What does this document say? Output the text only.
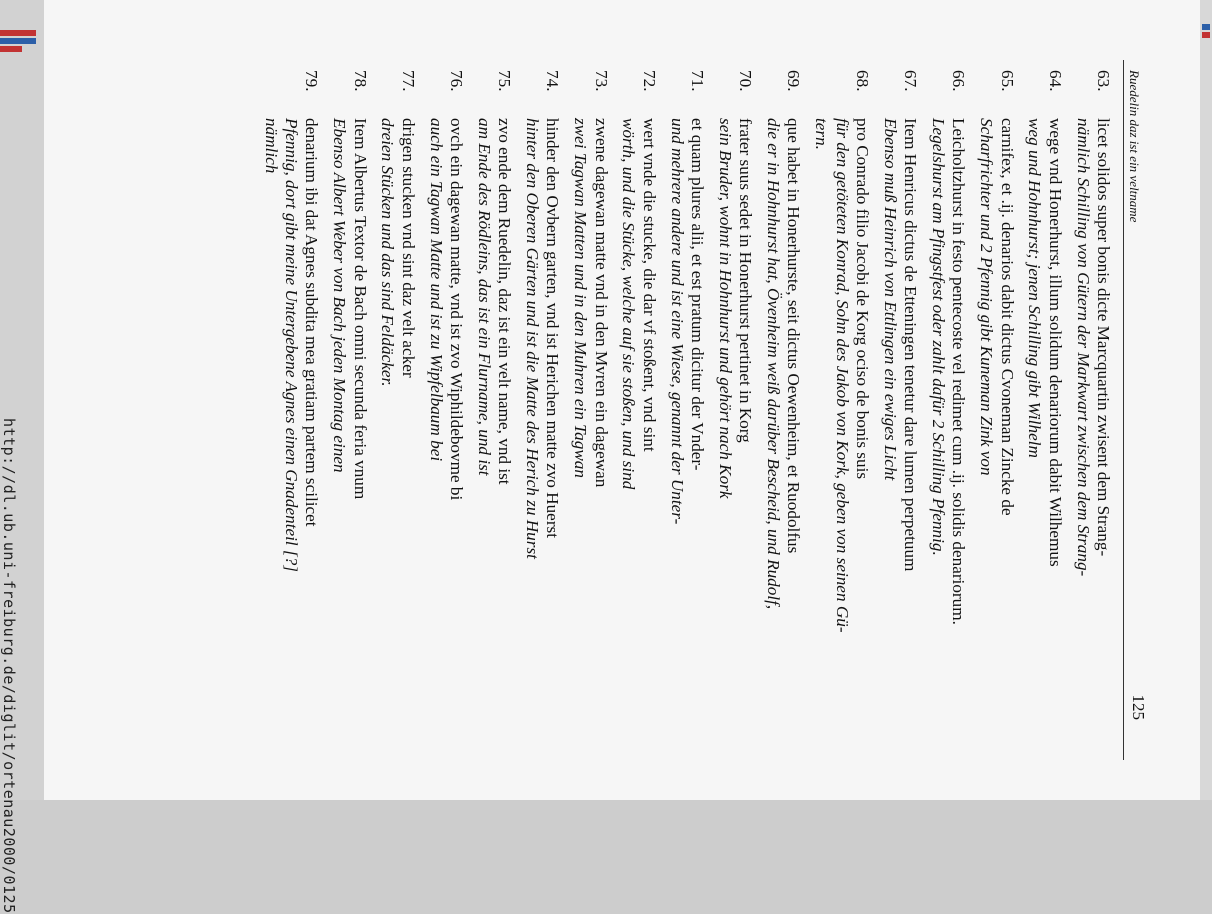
http://dl.ub.uni-freiburg.de/diglit/ortenau2000/0125
Ruedelin daz ist ein veltname
125
63.
licet solidos super bonis dicte Marcquartin zwisent dem Strang-
nämlich Schilling von Gütern der Markwart zwischen dem Strang-
64.
wege vnd Honerhurst, illum solidum denariorum dabit Wilhemus
weg und Hohnhurst; jenen Schilling gibt Wilhelm
65.
carnifex, et .ij. denarios dabit dictus Cvoneman Zincke de
Scharfrichter und 2 Pfennig gibt Kuneman Zink von
66.
Leicholtzhurst in festo pentecoste vel redimet cum .ij. solidis denariorum.
Legelshurst am Pfingstfest oder zahlt dafür 2 Schilling Pfennig.
67.
Item Henricus dictus de Etteningen tenetur dare lumen perpetuum
Ebenso muß Heinrich von Ettlingen ein ewiges Licht
68.
pro Conrado filio Jacobi de Korg ociso de bonis suis
für den getöteten Konrad, Sohn des Jakob von Kork, geben von seinen Gü-
tern.
69.
que habet in Honerhurste, seit dictus Oewenheim, et Ruodolfus
die er in Hohnhurst hat, Övenheim weiß darüber Bescheid, und Rudolf,
70.
frater suus sedet in Honerhurst pertinet in Korg
sein Bruder, wohnt in Hohnhurst und gehört nach Kork
71.
et quam plures alii, et est pratum dicitur der Vnder-
und mehrere andere und ist eine Wiese, genannt der Unter-
72.
wert vnde die stucke, die dar vf stoßent, vnd sint
wörth, und die Stücke, welche auf sie stoßen, und sind
73.
zwene dagewan matte vnd in den Mvren ein dagewan
zwei Tagwan Matten und in den Muhren ein Tagwan
74.
hinder den Ovbern garten, vnd ist Herichen matte zvo Huerst
hinter den Oberen Gärten und ist die Matte des Herich zu Hurst
75.
zvo ende dem Ruedelin, daz ist ein velt name, vnd ist
am Ende des Rödleins, das ist ein Flurname, und ist
76.
ovch ein dagewan matte, vnd ist zvo Wiphildebovme bi
auch ein Tagwan Matte und ist zu Wipfelbaum bei
77.
drigen stucken vnd sint daz velt acker
dreien Stücken und das sind Feldäcker.
78.
Item Albertus Textor de Bach omni secunda feria vnum
Ebenso Albert Weber von Bach jeden Montag einen
79.
denarium ibi dat Agnes subdita mea gratiam partem scilicet
Pfennig, dort gibt meine Untergebene Agnes einen Gnadenteil [?]
nämlich
